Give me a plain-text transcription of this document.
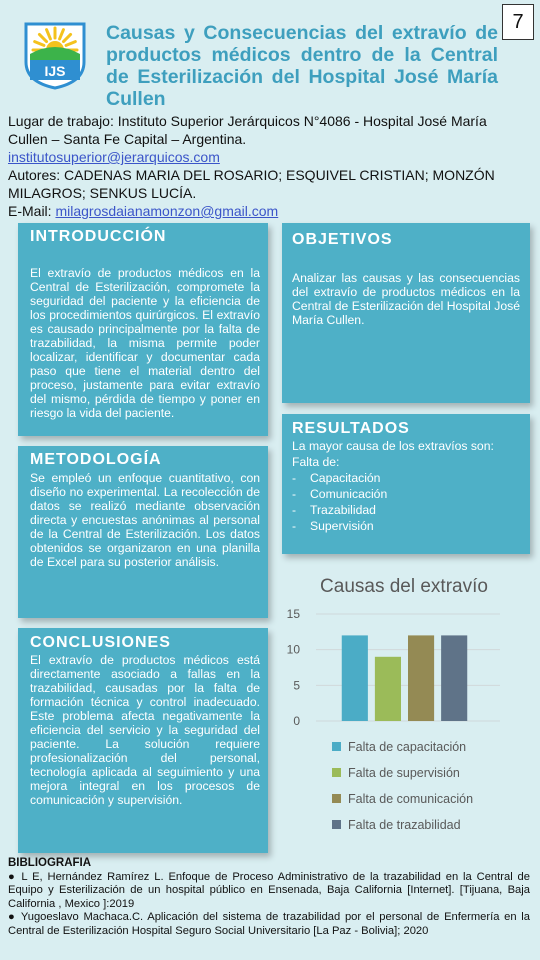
7
IJS
Causas y Consecuencias del extravío de productos médicos dentro de la Central de Esterilización del Hospital José María Cullen
Lugar de trabajo: Instituto Superior Jerárquicos N°4086 - Hospital José María Cullen – Santa Fe Capital – Argentina.
institutosuperior@jerarquicos.com
Autores: CADENAS MARIA DEL ROSARIO; ESQUIVEL CRISTIAN; MONZÓN MILAGROS; SENKUS LUCÍA.
E-Mail: milagrosdaianamonzon@gmail.com
INTRODUCCIÓN

El extravío de productos médicos en la Central de Esterilización, compromete la seguridad del paciente y la eficiencia de los procedimientos quirúrgicos. El extravío es causado principalmente por la falta de trazabilidad, la misma permite poder localizar, identificar y documentar cada paso que tiene el material dentro del proceso, justamente para evitar extravío del mismo, pérdida de tiempo y poner en riesgo la vida del paciente.

METODOLOGÍA

Se empleó un enfoque cuantitativo, con diseño no experimental. La recolección de datos se realizó mediante observación directa y encuestas anónimas al personal de la Central de Esterilización. Los datos obtenidos se organizaron en una planilla de Excel para su posterior análisis.

CONCLUSIONES

El extravío de productos médicos está directamente asociado a fallas en la trazabilidad, causadas por la falta de formación técnica y control inadecuado. Este problema afecta negativamente la eficiencia del servicio y la seguridad del paciente. La solución requiere profesionalización del personal, tecnología aplicada al seguimiento y una mejora integral en los procesos de comunicación y supervisión.

OBJETIVOS

Analizar las causas y las consecuencias del extravío de productos médicos en la Central de Esterilización del Hospital José María Cullen.

RESULTADOS

La mayor causa de los extravíos son:

Falta de:

- Capacitación
- Comunicación
- Trazabilidad
- Supervisión
Causas del extravío
0
5
10
15
Falta de capacitación
Falta de supervisión
Falta de comunicación
Falta de trazabilidad
BIBLIOGRAFIA

● L E, Hernández Ramírez L. Enfoque de Proceso Administrativo de la trazabilidad en la Central de Equipo y Esterilización de un hospital público en Ensenada, Baja California [Internet]. [Tijuana, Baja California , Mexico ]:2019

● Yugoeslavo Machaca.C. Aplicación del sistema de trazabilidad por el personal de Enfermería en la Central de Esterilización Hospital Seguro Social Universitario [La Paz - Bolivia]; 2020
